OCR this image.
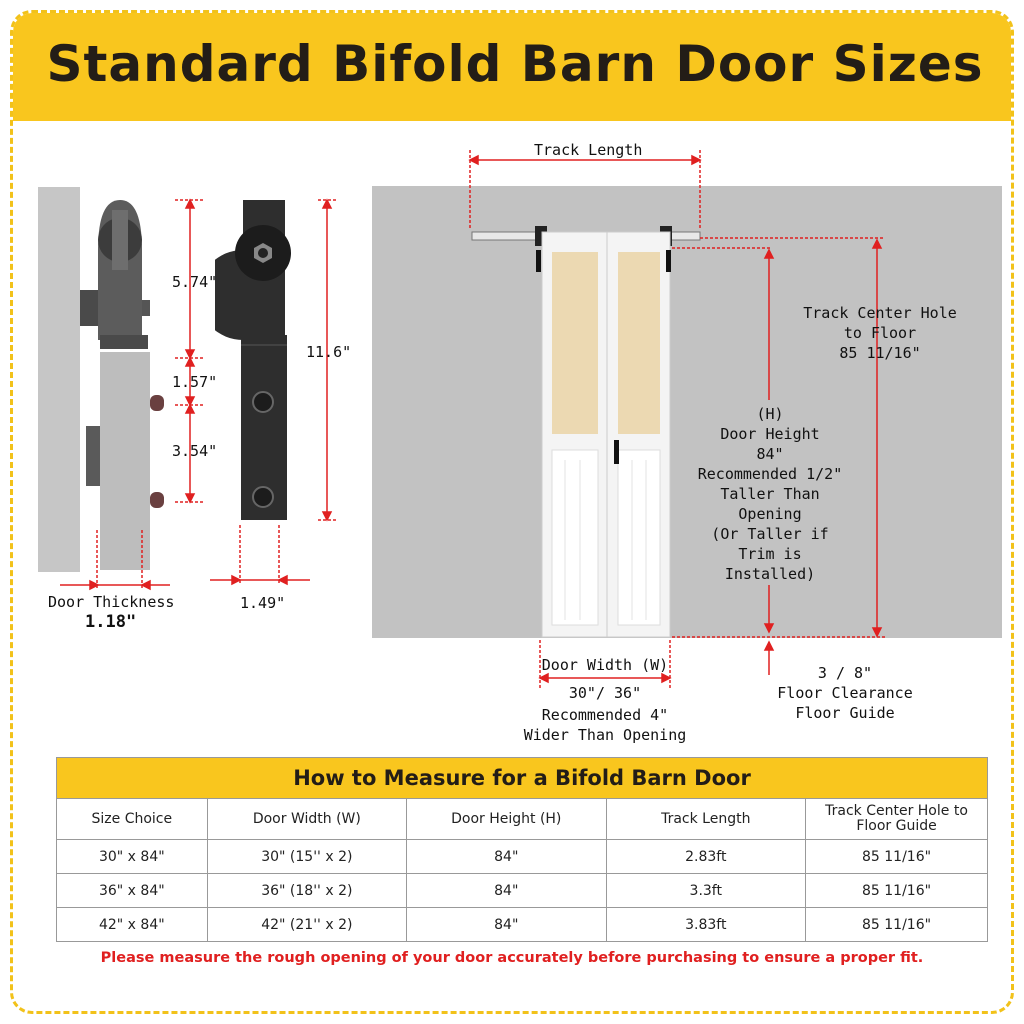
Standard Bifold Barn Door Sizes
5.74"
1.57"
3.54"
11.6"
Door Thickness
1.18"
1.49"
Track Length
Track Center Hole
to Floor
85 11/16"
(H)
Door Height
84"
Recommended 1/2"
Taller Than
Opening
(Or Taller if
Trim is
Installed)
Door Width (W)
30"/ 36"
Recommended 4"
Wider Than Opening
3 / 8"
Floor Clearance
Floor Guide
How to Measure for a Bifold Barn Door				
Size Choice	Door Width (W)	Door Height (H)	Track Length	Track Center Hole to Floor Guide
30" x 84"	30" (15'' x 2)	84"	2.83ft	85 11/16"
36" x 84"	36" (18'' x 2)	84"	3.3ft	85 11/16"
42" x 84"	42" (21'' x 2)	84"	3.83ft	85 11/16"
Please measure the rough opening of your door accurately before purchasing to ensure a proper fit.
